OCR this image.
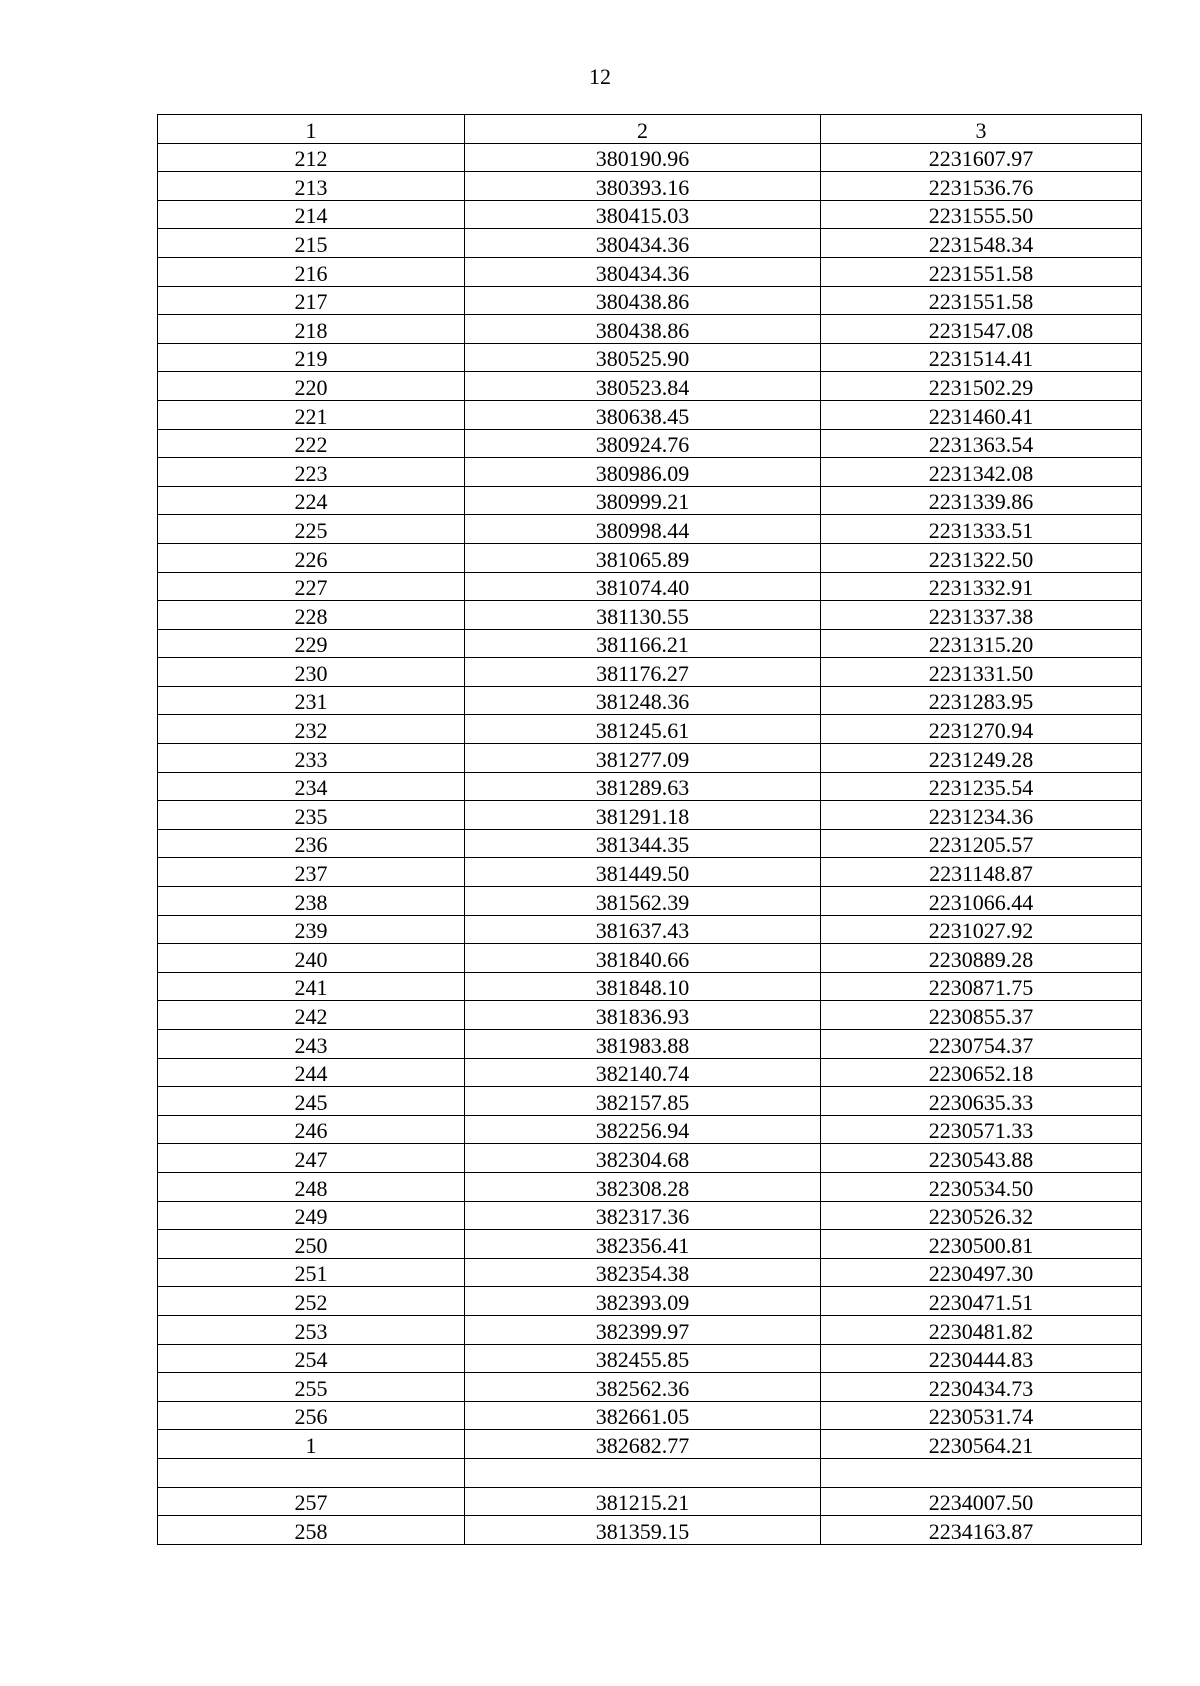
12
1	2	3
212	380190.96	2231607.97
213	380393.16	2231536.76
214	380415.03	2231555.50
215	380434.36	2231548.34
216	380434.36	2231551.58
217	380438.86	2231551.58
218	380438.86	2231547.08
219	380525.90	2231514.41
220	380523.84	2231502.29
221	380638.45	2231460.41
222	380924.76	2231363.54
223	380986.09	2231342.08
224	380999.21	2231339.86
225	380998.44	2231333.51
226	381065.89	2231322.50
227	381074.40	2231332.91
228	381130.55	2231337.38
229	381166.21	2231315.20
230	381176.27	2231331.50
231	381248.36	2231283.95
232	381245.61	2231270.94
233	381277.09	2231249.28
234	381289.63	2231235.54
235	381291.18	2231234.36
236	381344.35	2231205.57
237	381449.50	2231148.87
238	381562.39	2231066.44
239	381637.43	2231027.92
240	381840.66	2230889.28
241	381848.10	2230871.75
242	381836.93	2230855.37
243	381983.88	2230754.37
244	382140.74	2230652.18
245	382157.85	2230635.33
246	382256.94	2230571.33
247	382304.68	2230543.88
248	382308.28	2230534.50
249	382317.36	2230526.32
250	382356.41	2230500.81
251	382354.38	2230497.30
252	382393.09	2230471.51
253	382399.97	2230481.82
254	382455.85	2230444.83
255	382562.36	2230434.73
256	382661.05	2230531.74
1	382682.77	2230564.21

257	381215.21	2234007.50
258	381359.15	2234163.87
